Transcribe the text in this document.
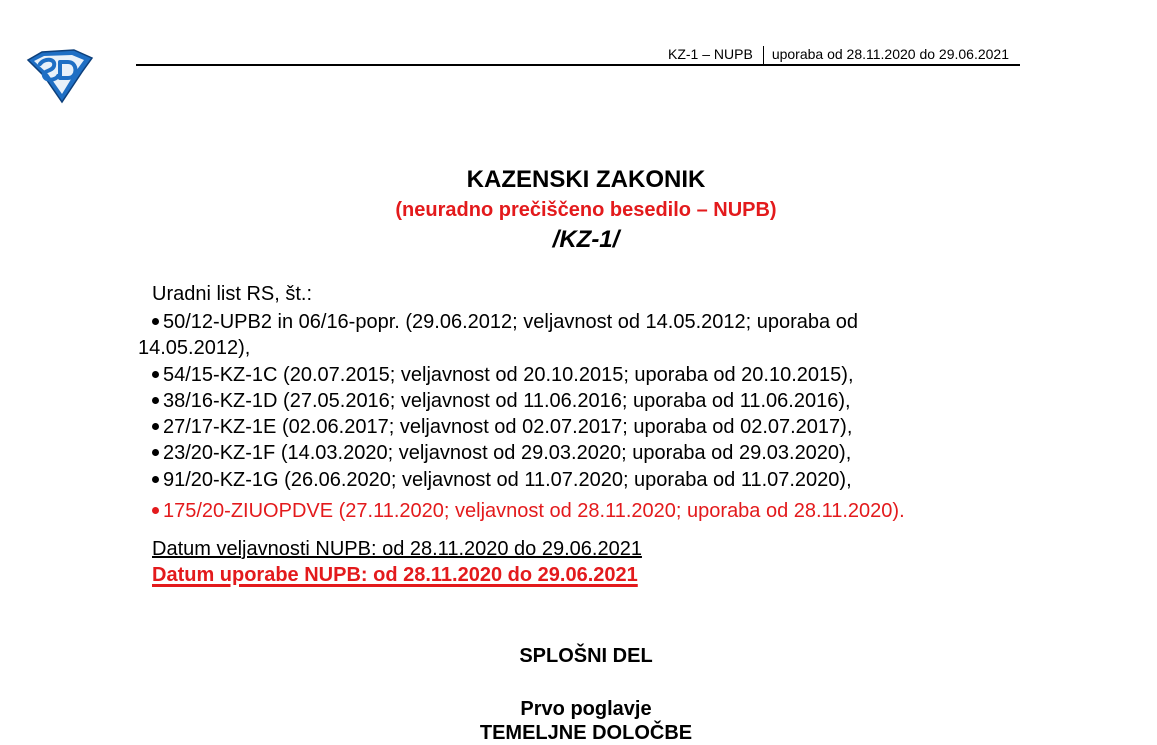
KZ-1 – NUPB uporaba od 28.11.2020 do 29.06.2021
KAZENSKI ZAKONIK
(neuradno prečiščeno besedilo – NUPB)
/KZ-1/
Uradni list RS, št.:
50/12-UPB2 in 06/16-popr. (29.06.2012; veljavnost od 14.05.2012; uporaba od 14.05.2012),
54/15-KZ-1C (20.07.2015; veljavnost od 20.10.2015; uporaba od 20.10.2015),
38/16-KZ-1D (27.05.2016; veljavnost od 11.06.2016; uporaba od 11.06.2016),
27/17-KZ-1E (02.06.2017; veljavnost od 02.07.2017; uporaba od 02.07.2017),
23/20-KZ-1F (14.03.2020; veljavnost od 29.03.2020; uporaba od 29.03.2020),
91/20-KZ-1G (26.06.2020; veljavnost od 11.07.2020; uporaba od 11.07.2020),
175/20-ZIUOPDVE (27.11.2020; veljavnost od 28.11.2020; uporaba od 28.11.2020).
Datum veljavnosti NUPB: od 28.11.2020 do 29.06.2021
Datum uporabe NUPB: od 28.11.2020 do 29.06.2021
SPLOŠNI DEL
Prvo poglavje
TEMELJNE DOLOČBE
